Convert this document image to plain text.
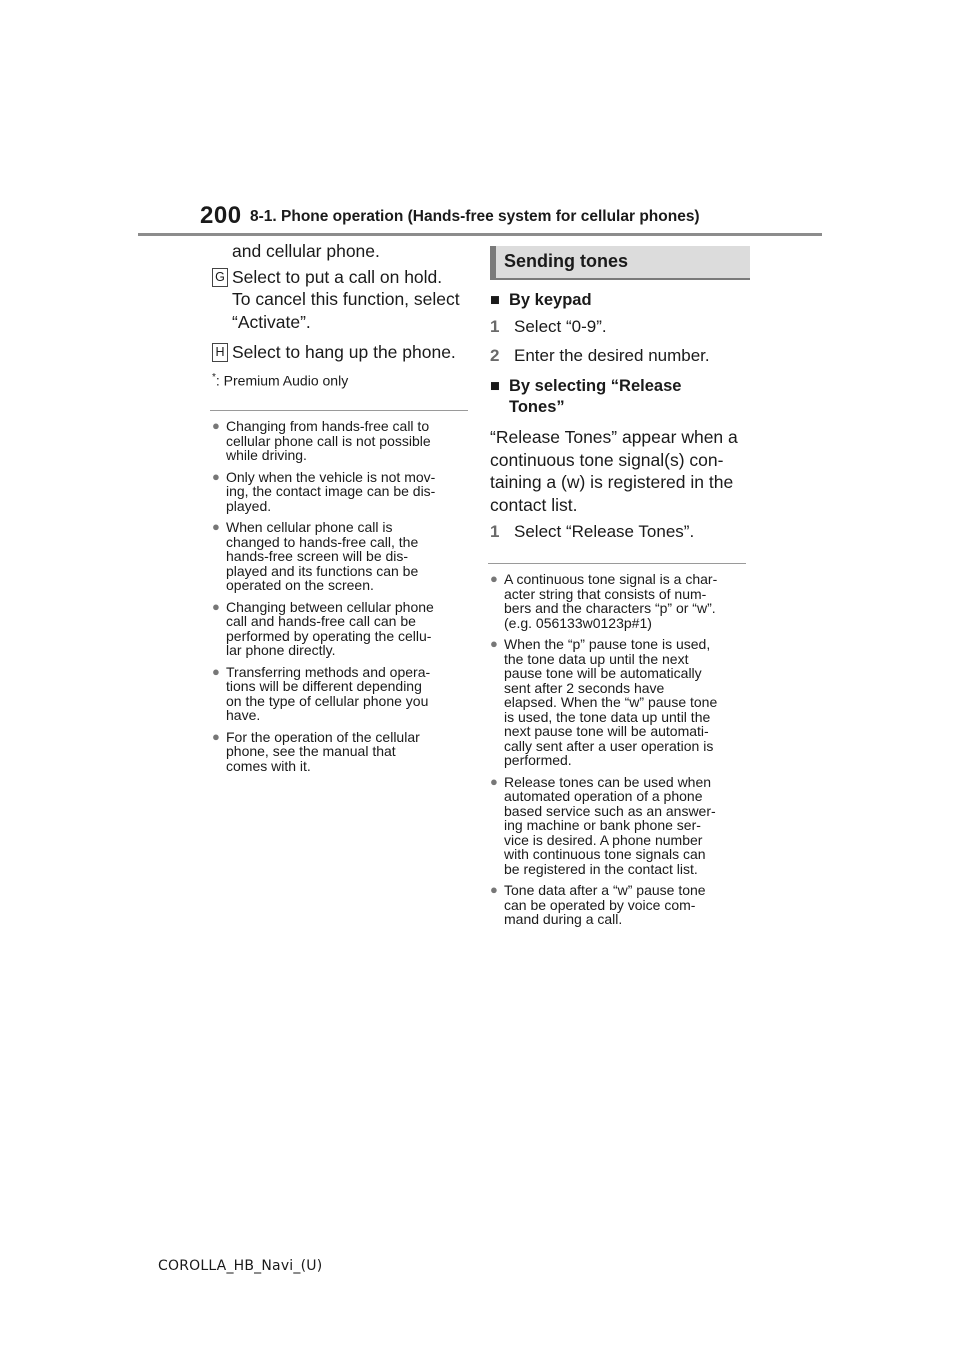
200 8-1. Phone operation (Hands-free system for cellular phones)

and cellular phone.

G Select to put a call on hold.
To cancel this function, select
“Activate”.
H Select to hang up the phone.
*: Premium Audio only
● Changing from hands-free call to
cellular phone call is not possible
while driving.
● Only when the vehicle is not mov-
ing, the contact image can be dis-
played.
● When cellular phone call is
changed to hands-free call, the
hands-free screen will be dis-
played and its functions can be
operated on the screen.
● Changing between cellular phone
call and hands-free call can be
performed by operating the cellu-
lar phone directly.
● Transferring methods and opera-
tions will be different depending
on the type of cellular phone you
have.
● For the operation of the cellular
phone, see the manual that
comes with it.
Sending tones
■ By keypad
1 Select “0-9”.
2 Enter the desired number.
■ By selecting “Release
Tones”
“Release Tones” appear when a
continuous tone signal(s) con-
taining a (w) is registered in the
contact list.
1 Select “Release Tones”.
● A continuous tone signal is a char-
acter string that consists of num-
bers and the characters “p” or “w”.
(e.g. 056133w0123p#1)
● When the “p” pause tone is used,
the tone data up until the next
pause tone will be automatically
sent after 2 seconds have
elapsed. When the “w” pause tone
is used, the tone data up until the
next pause tone will be automati-
cally sent after a user operation is
performed.
● Release tones can be used when
automated operation of a phone
based service such as an answer-
ing machine or bank phone ser-
vice is desired. A phone number
with continuous tone signals can
be registered in the contact list.
● Tone data after a “w” pause tone
can be operated by voice com-
mand during a call.
COROLLA_HB_Navi_(U)
